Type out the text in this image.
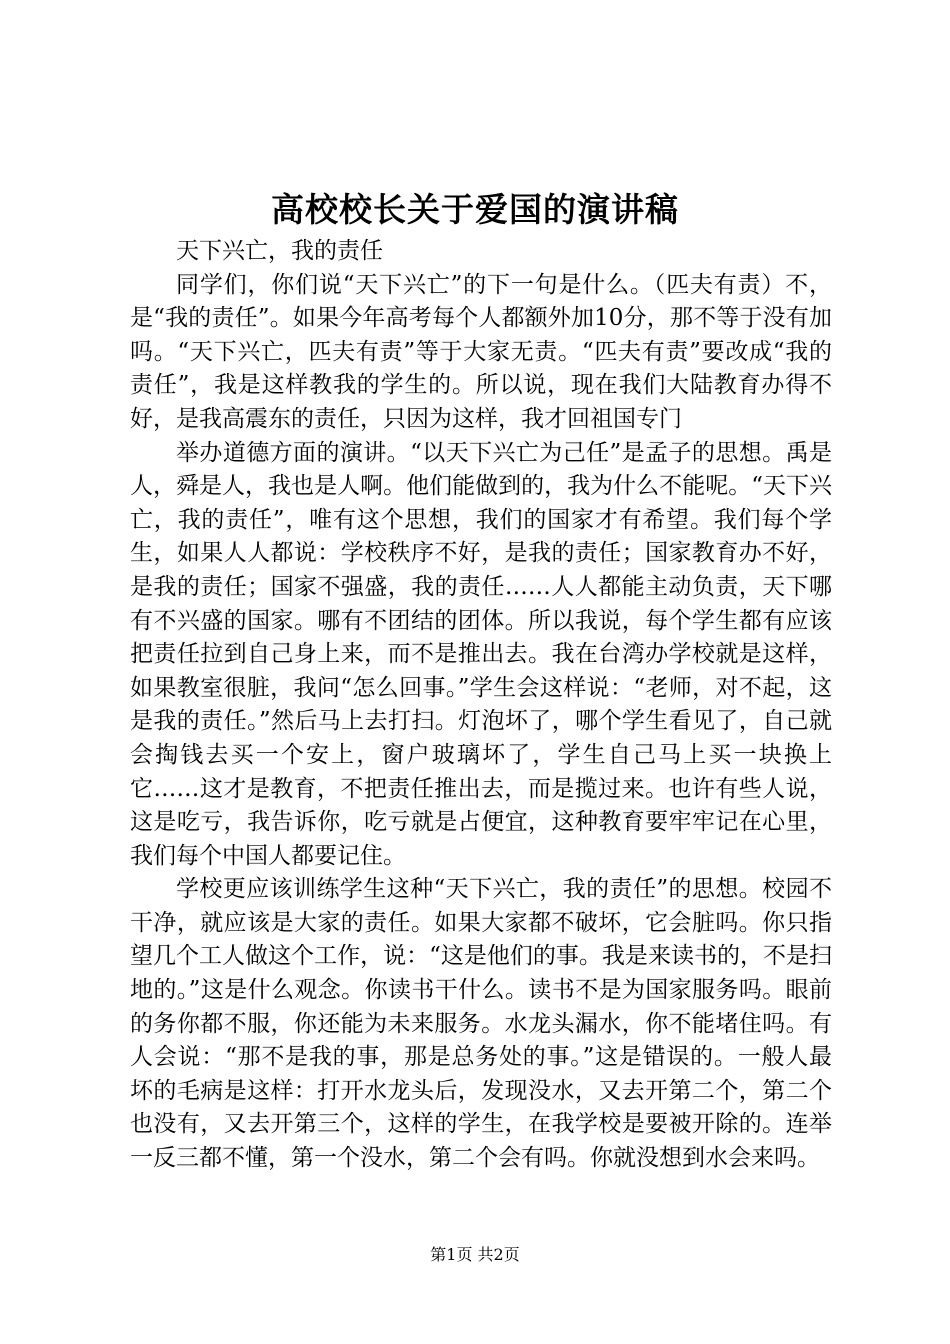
高校校长关于爱国的演讲稿

天下兴亡，我的责任

同学们，你们说“天下兴亡”的下一句是什么。（匹夫有责）不，是“我的责任”。如果今年高考每个人都额外加10分，那不等于没有加吗。“天下兴亡，匹夫有责”等于大家无责。“匹夫有责”要改成“我的责任”，我是这样教我的学生的。所以说，现在我们大陆教育办得不好，是我高震东的责任，只因为这样，我才回祖国专门

举办道德方面的演讲。“以天下兴亡为己任”是孟子的思想。禹是人，舜是人，我也是人啊。他们能做到的，我为什么不能呢。“天下兴亡，我的责任”，唯有这个思想，我们的国家才有希望。我们每个学生，如果人人都说：学校秩序不好，是我的责任；国家教育办不好，是我的责任；国家不强盛，我的责任……人人都能主动负责，天下哪有不兴盛的国家。哪有不团结的团体。所以我说，每个学生都有应该把责任拉到自己身上来，而不是推出去。我在台湾办学校就是这样，如果教室很脏，我问“怎么回事。”学生会这样说：“老师，对不起，这是我的责任。”然后马上去打扫。灯泡坏了，哪个学生看见了，自己就会掏钱去买一个安上，窗户玻璃坏了，学生自己马上买一块换上它……这才是教育，不把责任推出去，而是揽过来。也许有些人说，这是吃亏，我告诉你，吃亏就是占便宜，这种教育要牢牢记在心里，我们每个中国人都要记住。

学校更应该训练学生这种“天下兴亡，我的责任”的思想。校园不干净，就应该是大家的责任。如果大家都不破坏，它会脏吗。你只指望几个工人做这个工作，说：“这是他们的事。我是来读书的，不是扫地的。”这是什么观念。你读书干什么。读书不是为国家服务吗。眼前的务你都不服，你还能为未来服务。水龙头漏水，你不能堵住吗。有人会说：“那不是我的事，那是总务处的事。”这是错误的。一般人最坏的毛病是这样：打开水龙头后，发现没水，又去开第二个，第二个也没有，又去开第三个，这样的学生，在我学校是要被开除的。连举一反三都不懂，第一个没水，第二个会有吗。你就没想到水会来吗。

第1页 共2页
